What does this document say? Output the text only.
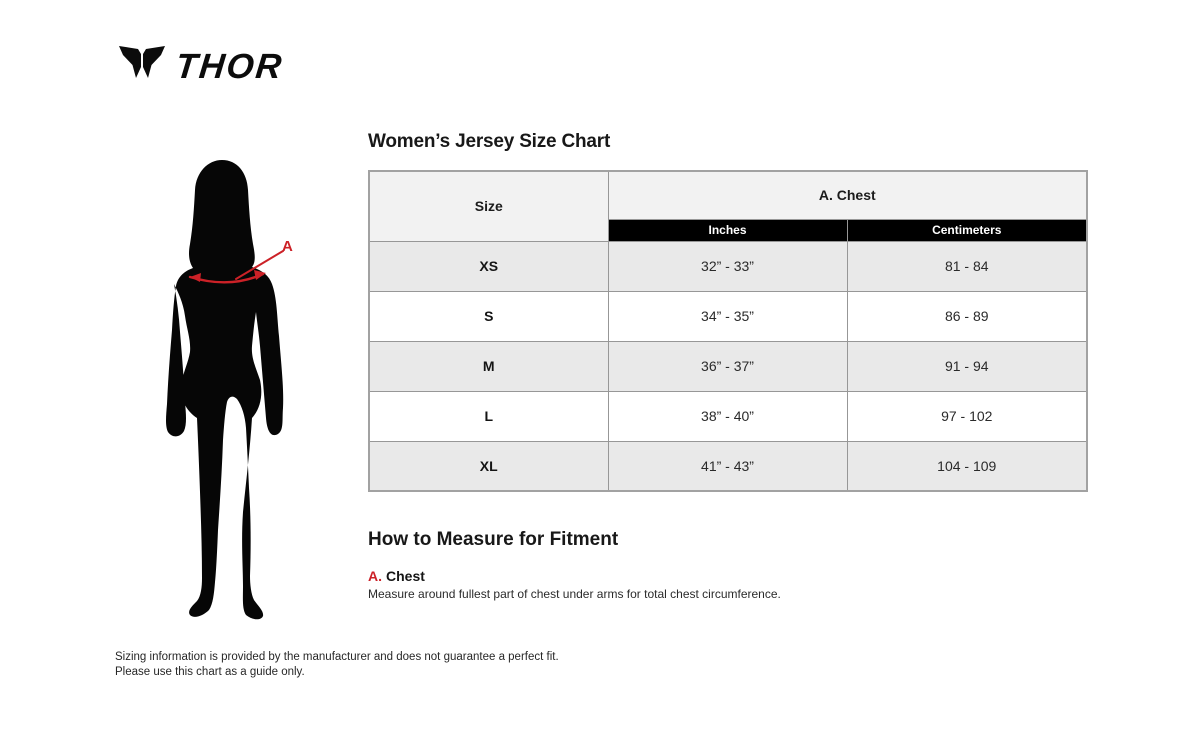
THOR
Women’s Jersey Size Chart
A
Size	A. Chest	
	Inches	Centimeters
XS	32” - 33”	81 - 84
S	34” - 35”	86 - 89
M	36” - 37”	91 - 94
L	38” - 40”	97 - 102
XL	41” - 43”	104 - 109
How to Measure for Fitment
A. Chest
Measure around fullest part of chest under arms for total chest circumference.
Sizing information is provided by the manufacturer and does not guarantee a perfect fit.
Please use this chart as a guide only.
